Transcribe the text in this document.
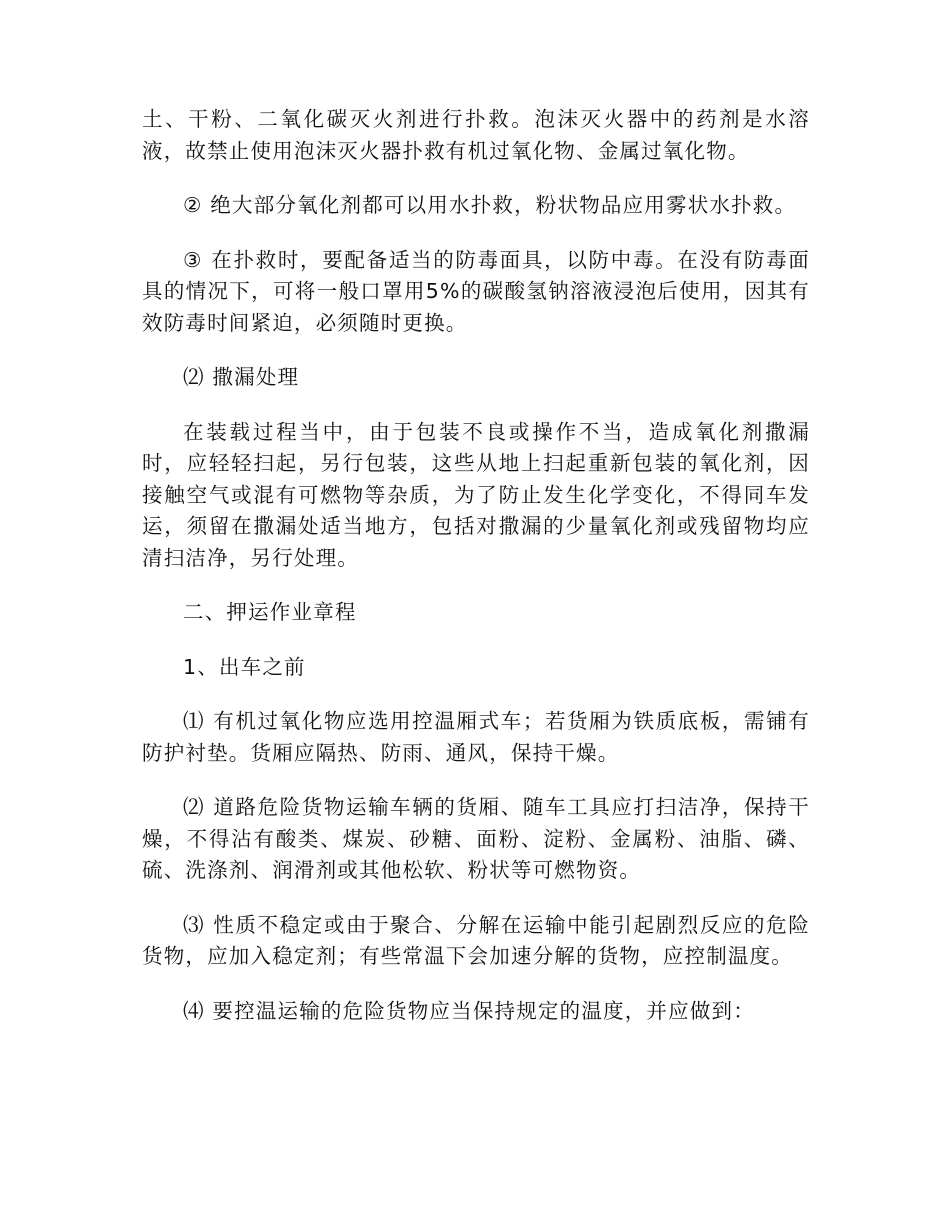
土、干粉、二氧化碳灭火剂进行扑救。泡沫灭火器中的药剂是水溶液，故禁止使用泡沫灭火器扑救有机过氧化物、金属过氧化物。

② 绝大部分氧化剂都可以用水扑救，粉状物品应用雾状水扑救。

③ 在扑救时，要配备适当的防毒面具，以防中毒。在没有防毒面具的情况下，可将一般口罩用5%的碳酸氢钠溶液浸泡后使用，因其有效防毒时间紧迫，必须随时更换。

⑵ 撒漏处理

在装载过程当中，由于包装不良或操作不当，造成氧化剂撒漏时，应轻轻扫起，另行包装，这些从地上扫起重新包装的氧化剂，因接触空气或混有可燃物等杂质，为了防止发生化学变化，不得同车发运，须留在撒漏处适当地方，包括对撒漏的少量氧化剂或残留物均应清扫洁净，另行处理。

二、押运作业章程

1、出车之前

⑴ 有机过氧化物应选用控温厢式车；若货厢为铁质底板，需铺有防护衬垫。货厢应隔热、防雨、通风，保持干燥。

⑵ 道路危险货物运输车辆的货厢、随车工具应打扫洁净，保持干燥，不得沾有酸类、煤炭、砂糖、面粉、淀粉、金属粉、油脂、磷、硫、洗涤剂、润滑剂或其他松软、粉状等可燃物资。

⑶ 性质不稳定或由于聚合、分解在运输中能引起剧烈反应的危险货物，应加入稳定剂；有些常温下会加速分解的货物，应控制温度。

⑷ 要控温运输的危险货物应当保持规定的温度，并应做到：
